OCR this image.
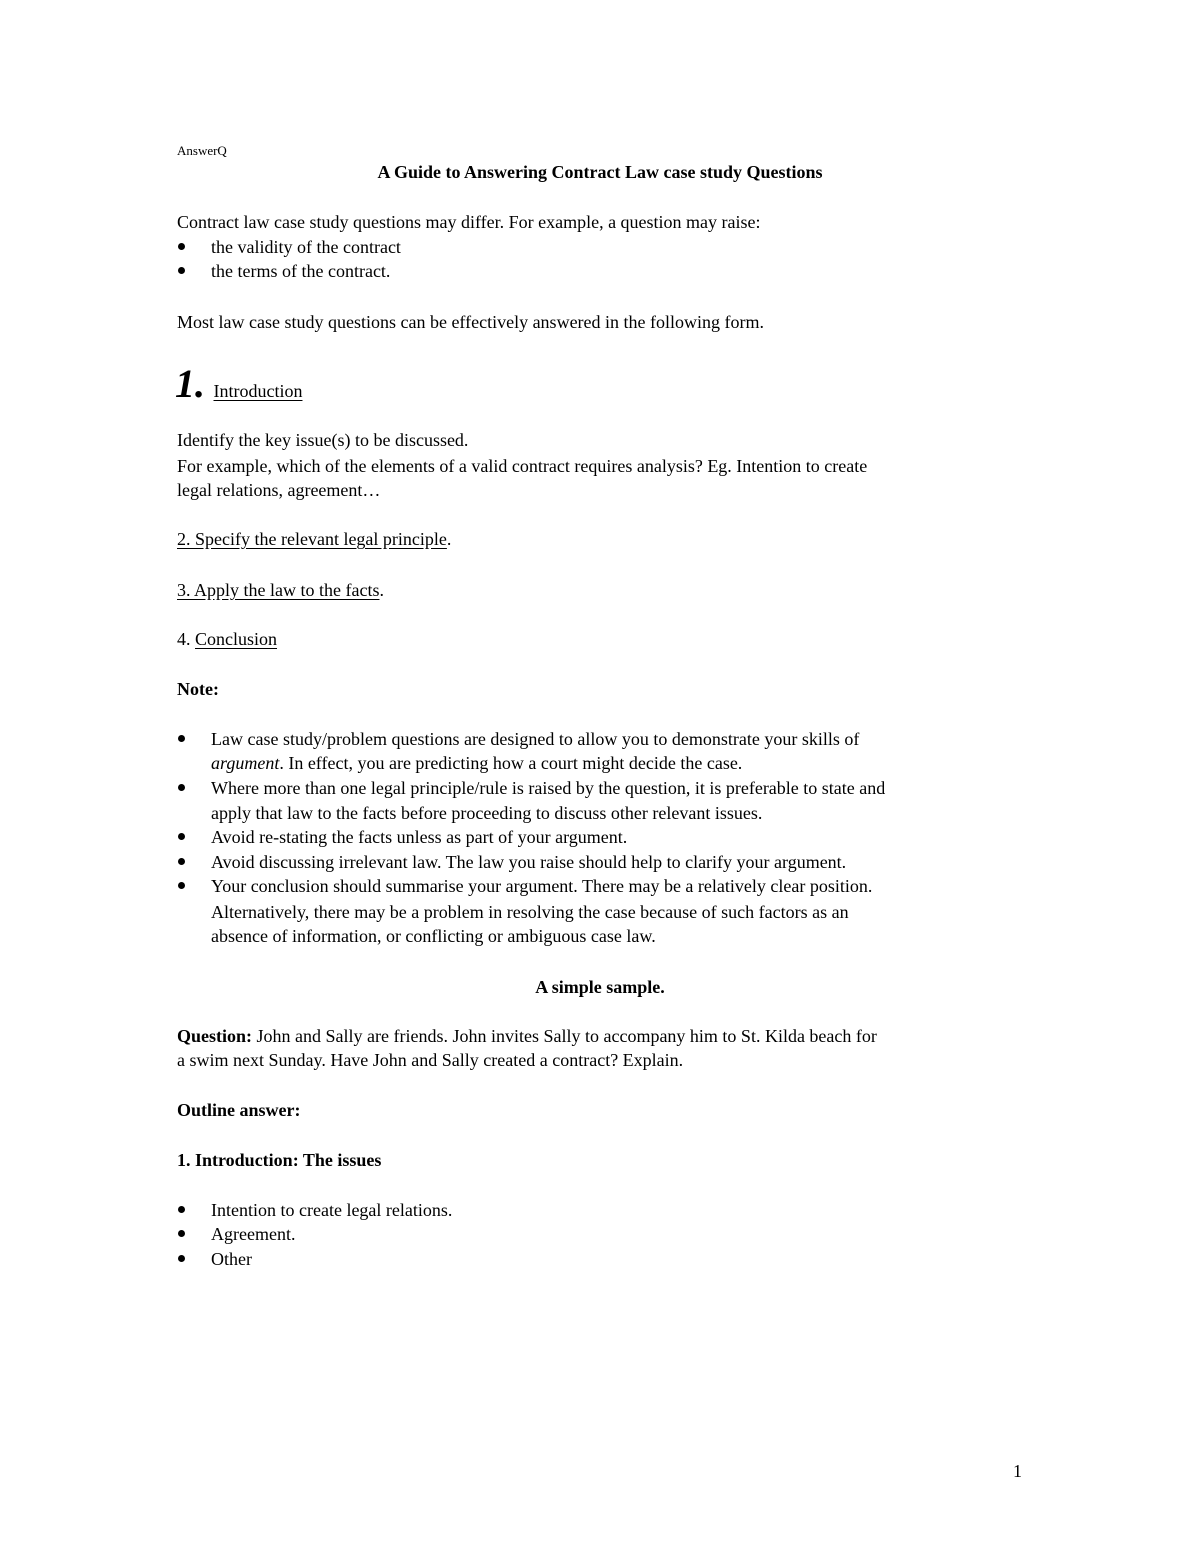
AnswerQ
A Guide to Answering Contract Law case study Questions
Contract law case study questions may differ. For example, a question may raise:
the validity of the contract
the terms of the contract.
Most law case study questions can be effectively answered in the following form.
1. Introduction
Identify the key issue(s) to be discussed.
For example, which of the elements of a valid contract requires analysis? Eg. Intention to create
legal relations, agreement…
2. Specify the relevant legal principle.
3. Apply the law to the facts.
4. Conclusion
Note:
Law case study/problem questions are designed to allow you to demonstrate your skills of
argument. In effect, you are predicting how a court might decide the case.
Where more than one legal principle/rule is raised by the question, it is preferable to state and
apply that law to the facts before proceeding to discuss other relevant issues.
Avoid re-stating the facts unless as part of your argument.
Avoid discussing irrelevant law. The law you raise should help to clarify your argument.
Your conclusion should summarise your argument. There may be a relatively clear position.
Alternatively, there may be a problem in resolving the case because of such factors as an
absence of information, or conflicting or ambiguous case law.
A simple sample.
Question: John and Sally are friends. John invites Sally to accompany him to St. Kilda beach for
a swim next Sunday. Have John and Sally created a contract? Explain.
Outline answer:
1. Introduction: The issues
Intention to create legal relations.
Agreement.
Other
1
